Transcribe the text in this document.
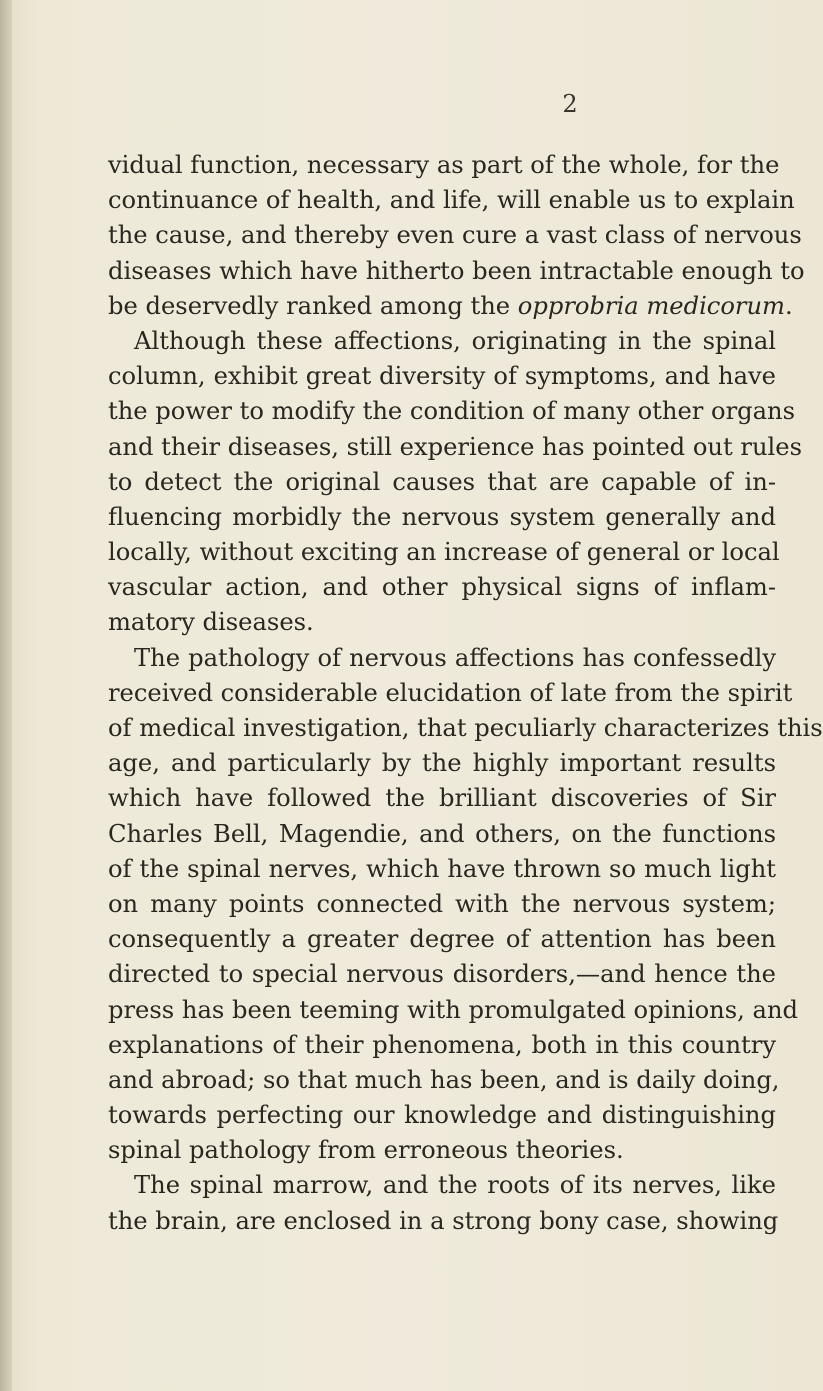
2
vidual function, necessary as part of the whole, for the
continuance of health, and life, will enable us to explain
the cause, and thereby even cure a vast class of nervous
diseases which have hitherto been intractable enough to
be deservedly ranked among the opprobria medicorum.
Although these affections, originating in the spinal
column, exhibit great diversity of symptoms, and have
the power to modify the condition of many other organs
and their diseases, still experience has pointed out rules
to detect the original causes that are capable of in-
fluencing morbidly the nervous system generally and
locally, without exciting an increase of general or local
vascular action, and other physical signs of inflam-
matory diseases.
The pathology of nervous affections has confessedly
received considerable elucidation of late from the spirit
of medical investigation, that peculiarly characterizes this
age, and particularly by the highly important results
which have followed the brilliant discoveries of Sir
Charles Bell, Magendie, and others, on the functions
of the spinal nerves, which have thrown so much light
on many points connected with the nervous system;
consequently a greater degree of attention has been
directed to special nervous disorders,—and hence the
press has been teeming with promulgated opinions, and
explanations of their phenomena, both in this country
and abroad; so that much has been, and is daily doing,
towards perfecting our knowledge and distinguishing
spinal pathology from erroneous theories.
The spinal marrow, and the roots of its nerves, like
the brain, are enclosed in a strong bony case, showing
